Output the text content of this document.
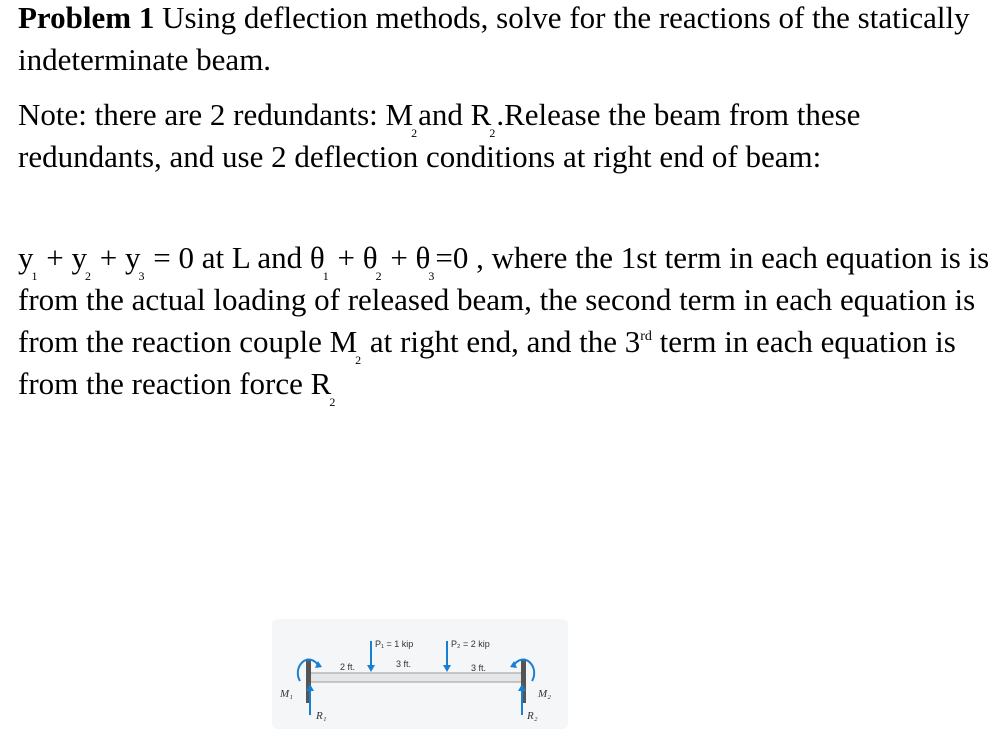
Problem 1 Using deflection methods, solve for the reactions of the statically indeterminate beam.

Note: there are 2 redundants: $M_2and$ $R_2.Release$ the beam from these redundants, and use 2 deflection conditions at right end of beam:

$y_1 + y_2 + y_3 = 0$ at L and $\theta_1 + \theta_2 + \theta_3=0$ , where the 1st term in each equation is is from the actual loading of released beam, the second term in each equation is from the reaction couple $M_2$ at right end, and the 3rd term in each equation is from the reaction force $R_2$

P₁ = 1 kip	P₂ = 2 kip
2 ft.	3 ft.	3 ft.
M₁	M₂
R₁	R₂
